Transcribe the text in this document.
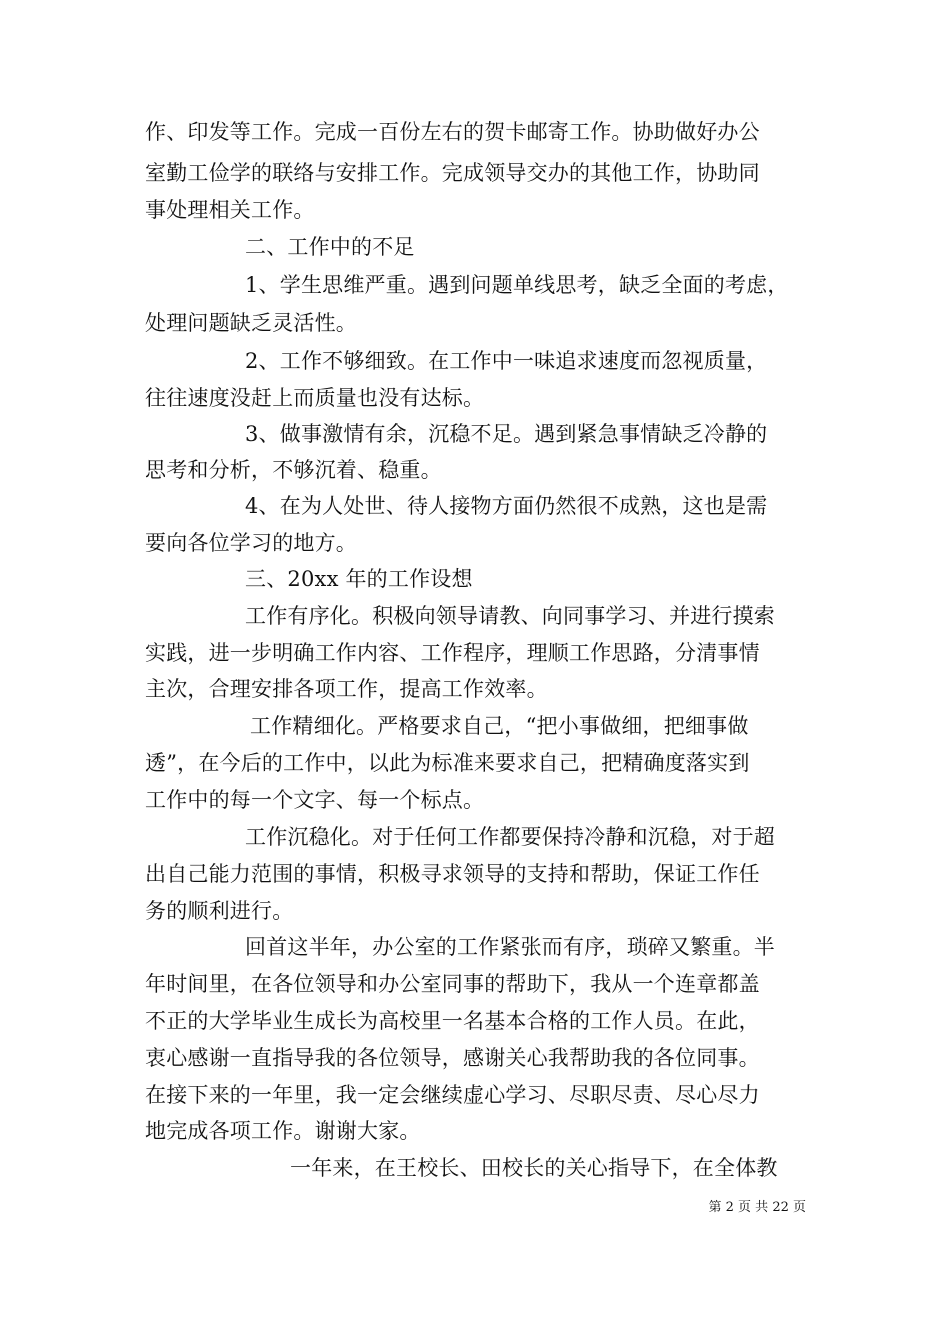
作、印发等工作。完成一百份左右的贺卡邮寄工作。协助做好办公
室勤工俭学的联络与安排工作。完成领导交办的其他工作，协助同
事处理相关工作。
二、工作中的不足
1、学生思维严重。遇到问题单线思考，缺乏全面的考虑，
处理问题缺乏灵活性。
2、工作不够细致。在工作中一味追求速度而忽视质量，
往往速度没赶上而质量也没有达标。
3、做事激情有余，沉稳不足。遇到紧急事情缺乏冷静的
思考和分析，不够沉着、稳重。
4、在为人处世、待人接物方面仍然很不成熟，这也是需
要向各位学习的地方。
三、20xx 年的工作设想
工作有序化。积极向领导请教、向同事学习、并进行摸索
实践，进一步明确工作内容、工作程序，理顺工作思路，分清事情
主次，合理安排各项工作，提高工作效率。
工作精细化。严格要求自己，“把小事做细，把细事做
透”，在今后的工作中，以此为标准来要求自己，把精确度落实到
工作中的每一个文字、每一个标点。
工作沉稳化。对于任何工作都要保持冷静和沉稳，对于超
出自己能力范围的事情，积极寻求领导的支持和帮助，保证工作任
务的顺利进行。
回首这半年，办公室的工作紧张而有序，琐碎又繁重。半
年时间里，在各位领导和办公室同事的帮助下，我从一个连章都盖
不正的大学毕业生成长为高校里一名基本合格的工作人员。在此，
衷心感谢一直指导我的各位领导，感谢关心我帮助我的各位同事。
在接下来的一年里，我一定会继续虚心学习、尽职尽责、尽心尽力
地完成各项工作。谢谢大家。
一年来，在王校长、田校长的关心指导下，在全体教
第 2 页 共 22 页
